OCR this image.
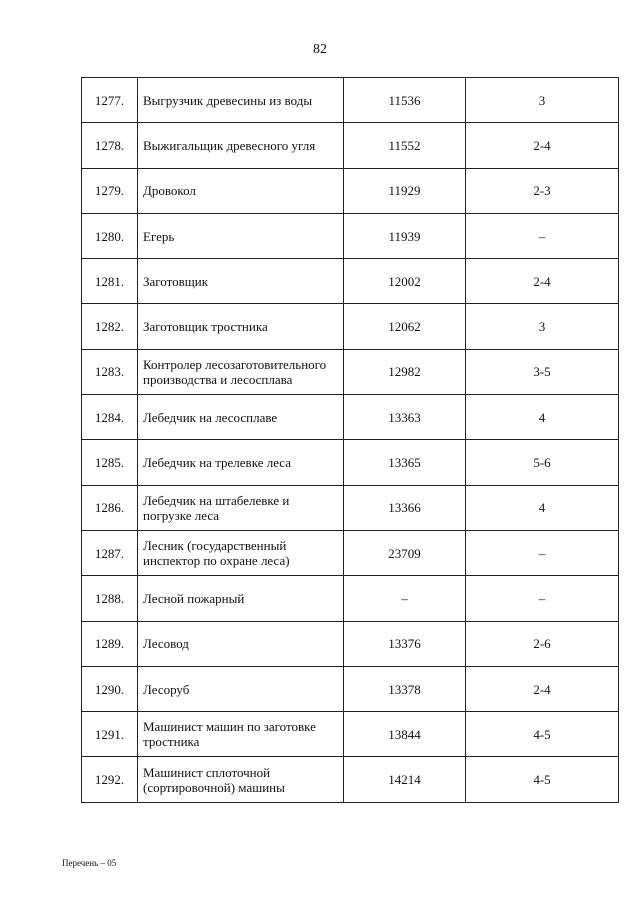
82
1277.	Выгрузчик древесины из воды	11536	3
1278.	Выжигальщик древесного угля	11552	2-4
1279.	Дровокол	11929	2-3
1280.	Егерь	11939	–
1281.	Заготовщик	12002	2-4
1282.	Заготовщик тростника	12062	3
1283.	Контролер лесозаготовительного производства и лесосплава	12982	3-5
1284.	Лебедчик на лесосплаве	13363	4
1285.	Лебедчик на трелевке леса	13365	5-6
1286.	Лебедчик на штабелевке и погрузке леса	13366	4
1287.	Лесник (государственный инспектор по охране леса)	23709	–
1288.	Лесной пожарный	–	–
1289.	Лесовод	13376	2-6
1290.	Лесоруб	13378	2-4
1291.	Машинист машин по заготовке тростника	13844	4-5
1292.	Машинист сплоточной (сортировочной) машины	14214	4-5
Перечень – 05
